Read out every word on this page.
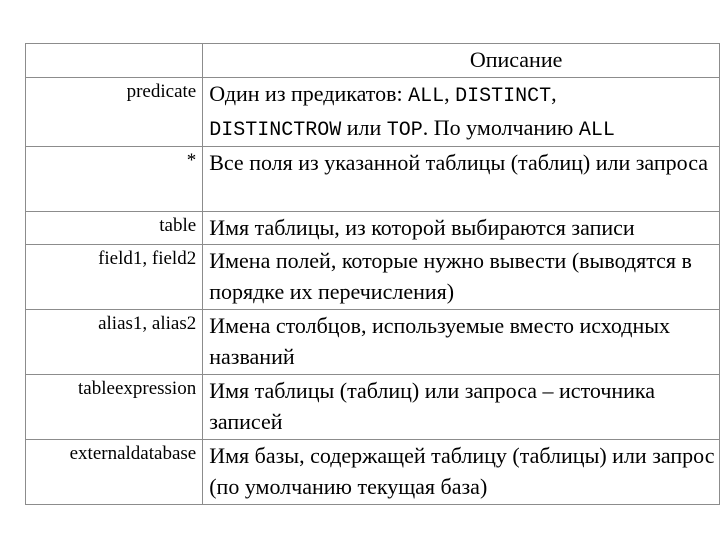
	Описание
predicate	Один из предикатов: ALL, DISTINCT,
DISTINCTROW или TOP. По умолчанию ALL
*	Все поля из указанной таблицы (таблиц) или запроса
table	Имя таблицы, из которой выбираются записи
field1, field2	Имена полей, которые нужно вывести (выводятся в порядке их перечисления)
alias1, alias2	Имена столбцов, используемые вместо исходных названий
tableexpression	Имя таблицы (таблиц) или запроса – источника записей
externaldatabase	Имя базы, содержащей таблицу (таблицы) или запрос (по умолчанию текущая база)
